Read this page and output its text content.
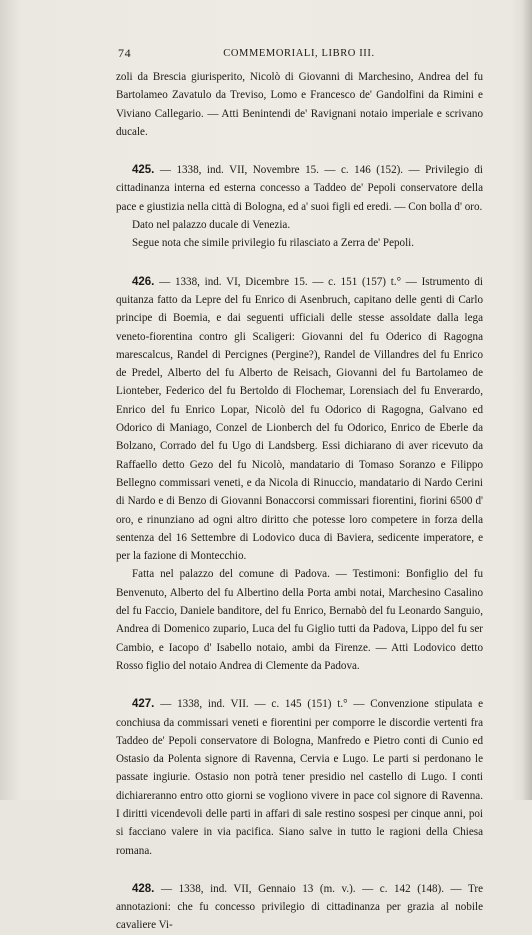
74	COMMEMORIALI, LIBRO III.

zoli da Brescia giurisperito, Nicolò di Giovanni di Marchesino, Andrea del fu Bartolameo Zavatulo da Treviso, Lomo e Francesco de' Gandolfini da Rimini e Viviano Callegario. — Atti Benintendi de' Ravignani notaio imperiale e scrivano ducale.

425. — 1338, ind. VII, Novembre 15. — c. 146 (152). — Privilegio di cittadinanza interna ed esterna concesso a Taddeo de' Pepoli conservatore della pace e giustizia nella città di Bologna, ed a' suoi figli ed eredi. — Con bolla d' oro.

Dato nel palazzo ducale di Venezia.

Segue nota che simile privilegio fu rilasciato a Zerra de' Pepoli.

426. — 1338, ind. VI, Dicembre 15. — c. 151 (157) t.° — Istrumento di quitanza fatto da Lepre del fu Enrico di Asenbruch, capitano delle genti di Carlo principe di Boemia, e dai seguenti ufficiali delle stesse assoldate dalla lega veneto-fiorentina contro gli Scaligeri: Giovanni del fu Oderico di Ragogna marescalcus, Randel di Percignes (Pergine?), Randel de Villandres del fu Enrico de Predel, Alberto del fu Alberto de Reisach, Giovanni del fu Bartolameo de Lionteber, Federico del fu Bertoldo di Flochemar, Lorensiach del fu Enverardo, Enrico del fu Enrico Lopar, Nicolò del fu Odorico di Ragogna, Galvano ed Odorico di Maniago, Conzel de Lionberch del fu Odorico, Enrico de Eberle da Bolzano, Corrado del fu Ugo di Landsberg. Essi dichiarano di aver ricevuto da Raffaello detto Gezo del fu Nicolò, mandatario di Tomaso Soranzo e Filippo Bellegno commissari veneti, e da Nicola di Rinuccio, mandatario di Nardo Cerini di Nardo e di Benzo di Giovanni Bonaccorsi commissari fiorentini, fiorini 6500 d' oro, e rinunziano ad ogni altro diritto che potesse loro competere in forza della sentenza del 16 Settembre di Lodovico duca di Baviera, sedicente imperatore, e per la fazione di Montecchio.

Fatta nel palazzo del comune di Padova. — Testimoni: Bonfiglio del fu Benvenuto, Alberto del fu Albertino della Porta ambi notai, Marchesino Casalino del fu Faccio, Daniele banditore, del fu Enrico, Bernabò del fu Leonardo Sanguio, Andrea di Domenico zupario, Luca del fu Giglio tutti da Padova, Lippo del fu ser Cambio, e Iacopo d' Isabello notaio, ambi da Firenze. — Atti Lodovico detto Rosso figlio del notaio Andrea di Clemente da Padova.

427. — 1338, ind. VII. — c. 145 (151) t.° — Convenzione stipulata e conchiusa da commissari veneti e fiorentini per comporre le discordie vertenti fra Taddeo de' Pepoli conservatore di Bologna, Manfredo e Pietro conti di Cunio ed Ostasio da Polenta signore di Ravenna, Cervia e Lugo. Le parti si perdonano le passate ingiurie. Ostasio non potrà tener presidio nel castello di Lugo. I conti dichiareranno entro otto giorni se vogliono vivere in pace col signore di Ravenna. I diritti vicendevoli delle parti in affari di sale restino sospesi per cinque anni, poi si facciano valere in via pacifica. Siano salve in tutto le ragioni della Chiesa romana.

428. — 1338, ind. VII, Gennaio 13 (m. v.). — c. 142 (148). — Tre annotazioni: che fu concesso privilegio di cittadinanza per grazia al nobile cavaliere Vi-
